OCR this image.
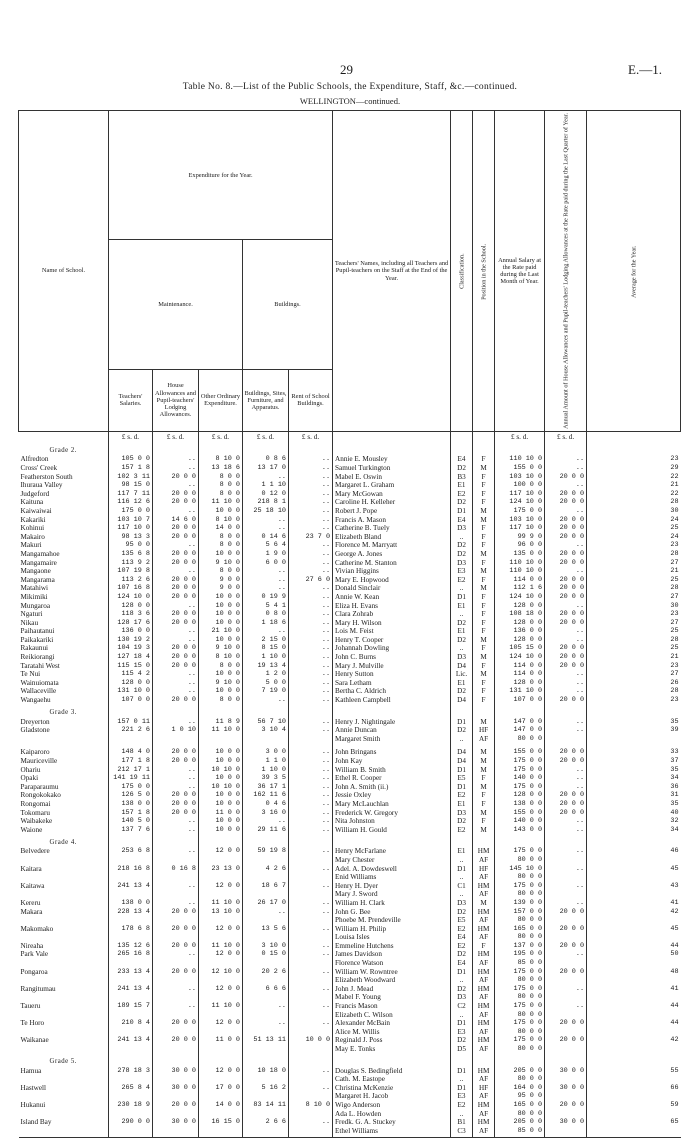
29	E.—1.
Table No. 8.—List of the Public Schools, the Expenditure, Staff, &c.—continued.
WELLINGTON—continued.
Name of School.	Expenditure for the Year.					Teachers' Names, including all Teachers and Pupil-teachers on the Staff at the End of the Year.	Classification.	Position in the School.	Annual Salary at the Rate paid during the Last Month of Year.	Annual Amount of House Allowances and Pupil-teachers' Lodging Allowances at the Rate paid during the Last Quarter of Year.	Average for the Year.
	Maintenance.			Buildings.							
	Teachers' Salaries.	House Allowances and Pupil-teachers' Lodging Allowances.	Other Ordinary Expenditure.	Buildings, Sites, Furniture, and Apparatus.	Rent of School Buildings.						
	£ s. d.	£ s. d.	£ s. d.	£ s. d.	£ s. d.				£ s. d.	£ s. d.	
Grade 2.											
Alfredton	105 0 0	..	8 10 0	0 8 6	..	Annie E. Mousley	E4	F	110 10 0	..	23
Cross' Creek	157 1 8	..	13 18 6	13 17 0	..	Samuel Turkington	D2	M	155 0 0	..	29
Featherston South	102 3 11	20 0 0	8 0 0	..	..	Mabel E. Oswin	B3	F	103 10 0	20 0 0	22
Ihuraua Valley	98 15 0	..	8 0 0	1 1 10	..	Margaret L. Graham	E1	F	100 0 0	..	21
Judgeford	117 7 11	20 0 0	8 0 0	0 12 0	..	Mary McGowan	E2	F	117 10 0	20 0 0	22
Kaituna	116 12 6	20 0 0	11 10 0	218 8 1	..	Caroline H. Kelleher	D2	F	124 10 0	20 0 0	28
Kaiwaiwai	175 0 0	..	10 0 0	25 18 10	..	Robert J. Pope	D1	M	175 0 0	..	30
Kakariki	103 10 7	14 6 0	8 10 0	..	..	Francis A. Mason	E4	M	103 10 0	20 0 0	24
Kohinui	117 10 0	20 0 0	14 0 0	..	..	Catherine B. Tuely	D3	F	117 10 0	20 0 0	25
Makairo	98 13 3	20 0 0	8 0 0	0 14 6	23 7 0	Elizabeth Bland	..	F	99 9 0	20 0 0	24
Makuri	95 0 0	..	8 0 0	5 6 4	..	Florence M. Marryatt	D2	F	96 0 0	..	23
Mangamahoe	135 6 8	20 0 0	10 0 0	1 9 0	..	George A. Jones	D2	M	135 0 0	20 0 0	28
Mangamaire	113 9 2	20 0 0	9 10 0	6 0 0	..	Catherine M. Stanton	D3	F	110 10 0	20 0 0	27
Mangaone	107 19 8	..	8 0 0	..	..	Vivian Higgins	E3	M	110 10 0	..	21
Mangarama	113 2 6	20 0 0	9 0 0	..	27 6 0	Mary E. Hopwood	E2	F	114 0 0	20 0 0	25
Matahiwi	107 16 8	20 0 0	9 0 0	..	..	Donald Sinclair	..	M	112 1 6	20 0 0	28
Mikimiki	124 10 0	20 0 0	10 0 0	0 19 9	..	Annie W. Kean	D1	F	124 10 0	20 0 0	27
Mungaroa	128 0 0	..	10 0 0	5 4 1	..	Eliza H. Evans	E1	F	128 0 0	..	30
Ngaturi	118 3 6	20 0 0	10 0 0	0 8 0	..	Clara Zohrab	..	F	108 18 0	20 0 0	23
Nikau	128 17 6	20 0 0	10 0 0	1 18 6	..	Mary H. Wilson	D2	F	128 0 0	20 0 0	27
Paihautanui	136 0 0	..	21 10 0	..	..	Lois M. Feist	E1	F	136 0 0	..	25
Paikakariki	130 19 2	..	10 0 0	2 15 0	..	Henry T. Cooper	D2	M	128 0 0	..	28
Rakaunui	104 19 3	20 0 0	9 10 0	8 15 0	..	Johannah Dowling	..	F	105 15 0	20 0 0	25
Reikiorangi	127 18 4	20 0 0	8 10 0	1 10 0	..	John C. Burns	D3	M	124 10 0	20 0 0	21
Taratahi West	115 15 0	20 0 0	8 0 0	19 13 4	..	Mary J. Mulville	D4	F	114 0 0	20 0 0	23
Te Nui	115 4 2	..	10 0 0	1 2 0	..	Henry Sutton	Lic.	M	114 0 0	..	27
Wainuiomata	128 0 0	..	9 10 0	5 0 0	..	Sara Letham	E1	F	128 0 0	..	26
Wallaceville	131 10 0	..	10 0 0	7 19 0	..	Bertha C. Aldrich	D2	F	131 10 0	..	28
Wangaehu	107 0 0	20 0 0	8 0 0	..	..	Kathleen Campbell	D4	F	107 0 0	20 0 0	23
Grade 3.											
Dreyerton	157 0 11	..	11 8 9	56 7 10	..	Henry J. Nightingale	D1	M	147 0 0	..	35
Gladstone	221 2 6	1 0 10	11 10 0	3 10 4	..	Annie Duncan	D2	HF	147 0 0	..	39
						Margaret Smith	..	AF	80 0 0		

Kaiparoro	148 4 0	20 0 0	10 0 0	3 0 0	..	John Bringans	D4	M	155 0 0	20 0 0	33
Mauriceville	177 1 8	20 0 0	10 0 0	1 1 0	..	John Kay	D4	M	175 0 0	20 0 0	37
Ohariu	212 17 1	..	10 10 0	1 10 0	..	William B. Smith	D1	M	175 0 0	..	35
Opaki	141 19 11	..	10 0 0	39 3 5	..	Ethel R. Cooper	E5	F	140 0 0	..	34
Paraparaumu	175 0 0	..	10 10 0	36 17 1	..	John A. Smith (ii.)	D1	M	175 0 0	..	36
Rongokokako	126 5 0	20 0 0	10 0 0	162 11 6	..	Jessie Oxley	E2	F	128 0 0	20 0 0	31
Rongomai	138 0 0	20 0 0	10 0 0	0 4 6	..	Mary McLauchlan	E1	F	138 0 0	20 0 0	35
Tokomaru	157 1 8	20 0 0	11 0 0	3 16 0	..	Frederick W. Gregory	D3	M	155 0 0	20 0 0	40
Waibakeke	140 5 0	..	10 0 0	..	..	Nita Johnston	D2	F	140 0 0	..	32
Waione	137 7 6	..	10 0 0	29 11 6	..	William H. Gould	E2	M	143 0 0	..	34
Grade 4.											
Belvedere	253 6 8	..	12 0 0	59 19 8	..	Henry McFarlane	E1	HM	175 0 0	..	46
						Mary Chester	..	AF	80 0 0		
Kaitara	218 16 8	0 16 8	23 13 0	4 2 6	..	Adel. A. Dowdeswell	D1	HF	145 10 0	..	45
						Enid Williams	..	AF	80 0 0		
Kaitawa	241 13 4	..	12 0 0	18 6 7	..	Henry H. Dyer	C1	HM	175 0 0	..	43
						Mary J. Sword	..	AF	80 0 0		
Kereru	138 0 0	..	11 10 0	26 17 0	..	William H. Clark	D3	M	139 0 0	..	41
Makara	228 13 4	20 0 0	13 10 0	..	..	John G. Bee	D2	HM	157 0 0	20 0 0	42
						Phoebe M. Prendeville	E5	AF	80 0 0		
Makomako	178 6 8	20 0 0	12 0 0	13 5 6	..	William H. Philip	E2	HM	165 0 0	20 0 0	45
						Louisa Isles	E4	AF	80 0 0		
Nireaha	135 12 6	20 0 0	11 10 0	3 10 0	..	Emmeline Hutchens	E2	F	137 0 0	20 0 0	44
Park Vale	265 16 8	..	12 0 0	0 15 0	..	James Davidson	D2	HM	195 0 0	..	50
						Florence Watson	E4	AF	85 0 0		
Pongaroa	233 13 4	20 0 0	12 10 0	20 2 6	..	William W. Rowntree	D1	HM	175 0 0	20 0 0	48
						Elizabeth Woodward	..	AF	80 0 0		
Rangitumau	241 13 4	..	12 0 0	6 6 6	..	John J. Mead	D2	HM	175 0 0	..	41
						Mabel F. Young	D3	AF	80 0 0		
Taueru	189 15 7	..	11 10 0	..	..	Francis Mason	C2	HM	175 0 0	..	44
						Elizabeth C. Wilson	..	AF	80 0 0		
Te Horo	210 8 4	20 0 0	12 0 0	..	..	Alexander McBain	D1	HM	175 0 0	20 0 0	44
						Alice M. Willis	E3	AF	80 0 0		
Waikanae	241 13 4	20 0 0	11 0 0	51 13 11	10 0 0	Reginald J. Poss	D2	HM	175 0 0	20 0 0	42
						May E. Tonks	D5	AF	80 0 0		
Grade 5.											
Hamua	278 18 3	30 0 0	12 0 0	10 18 0	..	Douglas S. Bedingfield	D1	HM	205 0 0	30 0 0	55
						Cath. M. Eastope	..	AF	80 0 0		
Hastwell	265 8 4	30 0 0	17 0 0	5 16 2	..	Christina McKenzie	D1	HF	164 0 0	30 0 0	66
						Margaret H. Jacob	E3	AF	95 0 0		
Hukanui	230 18 9	20 0 0	14 0 0	83 14 11	8 10 0	Wigo Anderson	E2	HM	165 0 0	20 0 0	59
						Ada L. Howden	..	AF	80 0 0		
Island Bay	290 0 0	30 0 0	16 15 0	2 6 6	..	Fredk. G. A. Stuckey	B1	HM	205 0 0	30 0 0	65
						Ethel Williams	C3	AF	85 0 0		
